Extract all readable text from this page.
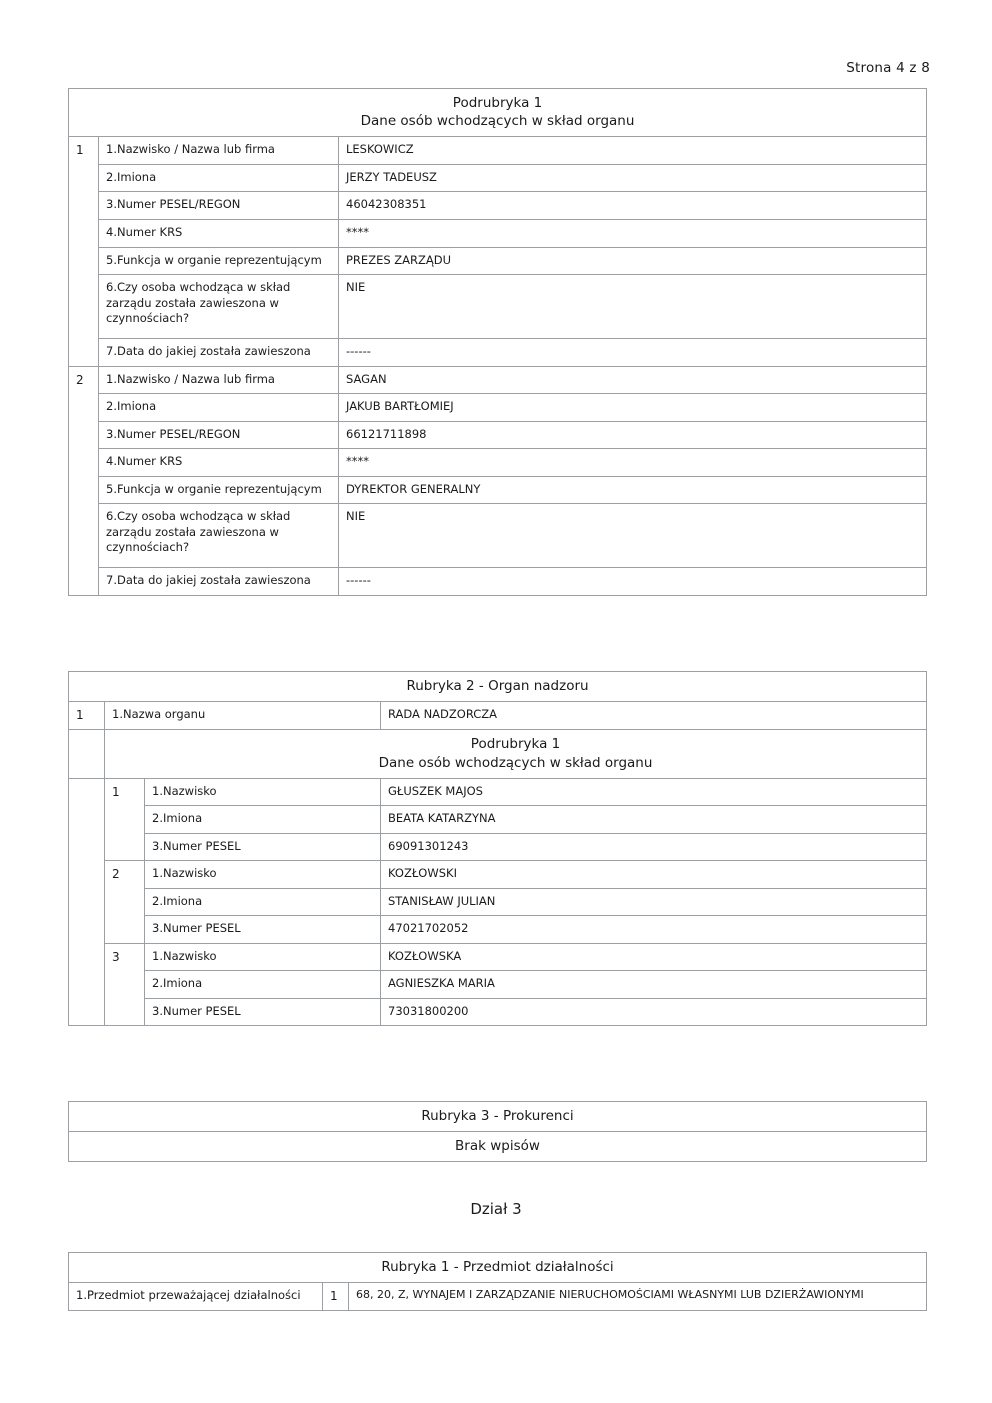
Strona 4 z 8
Podrubryka 1
Dane osób wchodzących w skład organu		

1	1.Nazwisko / Nazwa lub firma	LESKOWICZ
	2.Imiona	JERZY TADEUSZ
	3.Numer PESEL/REGON	46042308351
	4.Numer KRS	****
	5.Funkcja w organie reprezentującym	PREZES ZARZĄDU
	6.Czy osoba wchodząca w skład zarządu została zawieszona w czynnościach?	NIE
	7.Data do jakiej została zawieszona	------
2	1.Nazwisko / Nazwa lub firma	SAGAN
	2.Imiona	JAKUB BARTŁOMIEJ
	3.Numer PESEL/REGON	66121711898
	4.Numer KRS	****
	5.Funkcja w organie reprezentującym	DYREKTOR GENERALNY
	6.Czy osoba wchodząca w skład zarządu została zawieszona w czynnościach?	NIE
	7.Data do jakiej została zawieszona	------
Rubryka 2 - Organ nadzoru			
1	1.Nazwa organu		RADA NADZORCZA
	Podrubryka 1
Dane osób wchodzących w skład organu		

	1	1.Nazwisko	GŁUSZEK MAJOS
		2.Imiona	BEATA KATARZYNA
		3.Numer PESEL	69091301243
	2	1.Nazwisko	KOZŁOWSKI
		2.Imiona	STANISŁAW JULIAN
		3.Numer PESEL	47021702052
	3	1.Nazwisko	KOZŁOWSKA
		2.Imiona	AGNIESZKA MARIA
		3.Numer PESEL	73031800200
Rubryka 3 - Prokurenci
Brak wpisów
Dział 3
Rubryka 1 - Przedmiot działalności
1.Przedmiot przeważającej działalności	1	68, 20, Z, WYNAJEM I ZARZĄDZANIE NIERUCHOMOŚCIAMI WŁASNYMI LUB DZIERŻAWIONYMI
